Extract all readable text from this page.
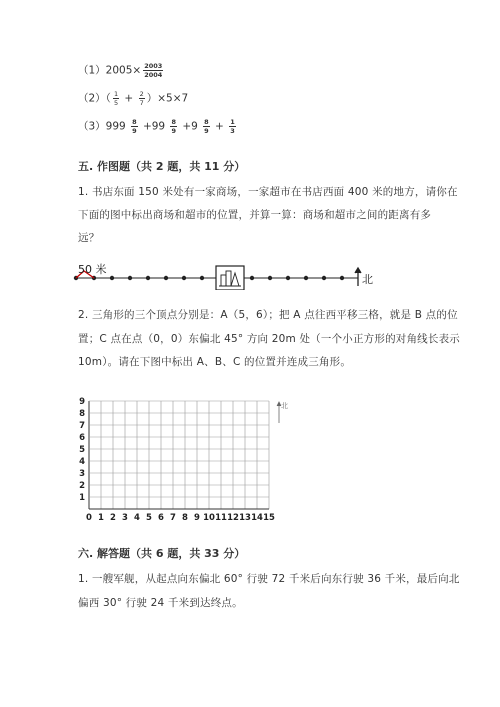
$(1)2005\times \frac{2003}{2004}$
$(2)( \frac{1}{5} + \frac{2}{7} )\times 5\times 7$
$(3)999 \frac{8}{9} +99 \frac{8}{9} +9 \frac{8}{9} + \frac{1}{3}$
五. 作图题（共 2 题，共 11 分）
1. 书店东面 150 米处有一家商场，一家超市在书店西面 400 米的地方，请你在
下面的图中标出商场和超市的位置，并算一算：商场和超市之间的距离有多
远？
50 米
北
2. 三角形的三个顶点分别是：A（5，6）；把 A 点往西平移三格，就是 B 点的位
置；C 点在点（0，0）东偏北 45° 方向 20m 处（一个小正方形的对角线长表示
10m）。请在下图中标出 A、B、C 的位置并连成三角形。
0 1 2 3 4 5 6 7 8 9 10 11 12 13 14 15
1
2
3
4
5
6
7
8
9	北
六. 解答题（共 6 题，共 33 分）
1. 一艘军舰，从起点向东偏北 60° 行驶 72 千米后向东行驶 36 千米，最后向北
偏西 30° 行驶 24 千米到达终点。
